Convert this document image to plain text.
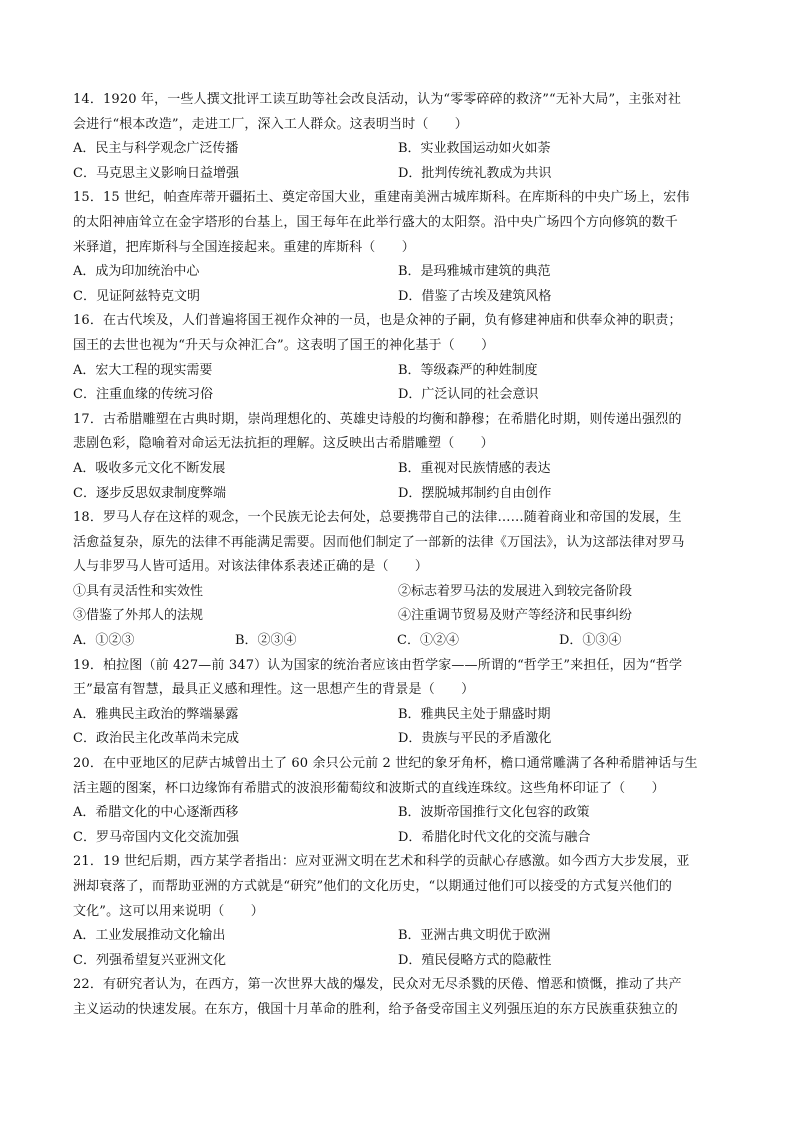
14．1920 年，一些人撰文批评工读互助等社会改良活动，认为“零零碎碎的救济”“无补大局”，主张对社
会进行“根本改造”，走进工厂，深入工人群众。这表明当时（　　）
A．民主与科学观念广泛传播	B．实业救国运动如火如荼
C．马克思主义影响日益增强	D．批判传统礼教成为共识
15．15 世纪，帕查库蒂开疆拓土、奠定帝国大业，重建南美洲古城库斯科。在库斯科的中央广场上，宏伟
的太阳神庙耸立在金字塔形的台基上，国王每年在此举行盛大的太阳祭。沿中央广场四个方向修筑的数千
米驿道，把库斯科与全国连接起来。重建的库斯科（　　）
A．成为印加统治中心	B．是玛雅城市建筑的典范
C．见证阿兹特克文明	D．借鉴了古埃及建筑风格
16．在古代埃及，人们普遍将国王视作众神的一员，也是众神的子嗣，负有修建神庙和供奉众神的职责；
国王的去世也视为“升天与众神汇合”。这表明了国王的神化基于（　　）
A．宏大工程的现实需要	B．等级森严的种姓制度
C．注重血缘的传统习俗	D．广泛认同的社会意识
17．古希腊雕塑在古典时期，崇尚理想化的、英雄史诗般的均衡和静穆；在希腊化时期，则传递出强烈的
悲剧色彩，隐喻着对命运无法抗拒的理解。这反映出古希腊雕塑（　　）
A．吸收多元文化不断发展	B．重视对民族情感的表达
C．逐步反思奴隶制度弊端	D．摆脱城邦制约自由创作
18．罗马人存在这样的观念，一个民族无论去何处，总要携带自己的法律……随着商业和帝国的发展，生
活愈益复杂，原先的法律不再能满足需要。因而他们制定了一部新的法律《万国法》，认为这部法律对罗马
人与非罗马人皆可适用。对该法律体系表述正确的是（　　）
①具有灵活性和实效性	②标志着罗马法的发展进入到较完备阶段
③借鉴了外邦人的法规	④注重调节贸易及财产等经济和民事纠纷
A．①②③	B．②③④	C．①②④	D．①③④
19．柏拉图（前 427—前 347）认为国家的统治者应该由哲学家——所谓的“哲学王”来担任，因为“哲学
王”最富有智慧，最具正义感和理性。这一思想产生的背景是（　　）
A．雅典民主政治的弊端暴露	B．雅典民主处于鼎盛时期
C．政治民主化改革尚未完成	D．贵族与平民的矛盾激化
20．在中亚地区的尼萨古城曾出土了 60 余只公元前 2 世纪的象牙角杯，檐口通常雕满了各种希腊神话与生
活主题的图案，杯口边缘饰有希腊式的波浪形葡萄纹和波斯式的直线连珠纹。这些角杯印证了（　　）
A．希腊文化的中心逐渐西移	B．波斯帝国推行文化包容的政策
C．罗马帝国内文化交流加强	D．希腊化时代文化的交流与融合
21．19 世纪后期，西方某学者指出：应对亚洲文明在艺术和科学的贡献心存感激。如今西方大步发展，亚
洲却衰落了，而帮助亚洲的方式就是“研究”他们的文化历史，“以期通过他们可以接受的方式复兴他们的
文化”。这可以用来说明（　　）
A．工业发展推动文化输出	B．亚洲古典文明优于欧洲
C．列强希望复兴亚洲文化	D．殖民侵略方式的隐蔽性
22．有研究者认为，在西方，第一次世界大战的爆发，民众对无尽杀戮的厌倦、憎恶和愤慨，推动了共产
主义运动的快速发展。在东方，俄国十月革命的胜利，给予备受帝国主义列强压迫的东方民族重获独立的
